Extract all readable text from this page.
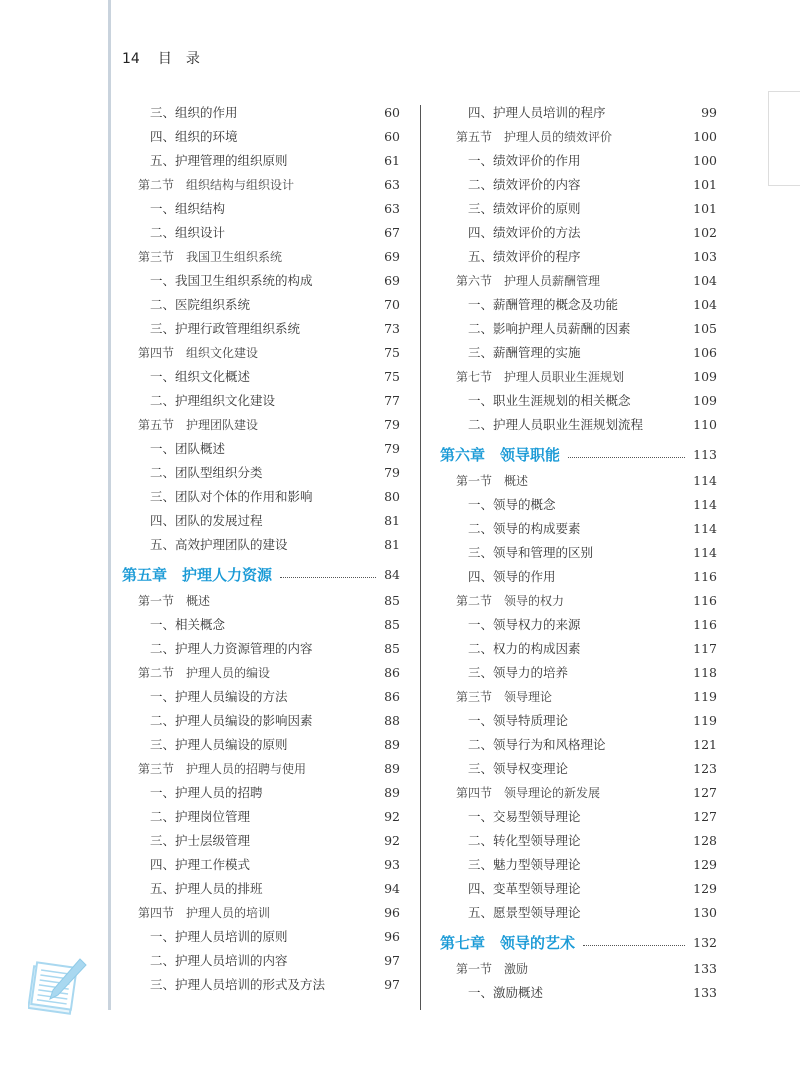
14 目 录
三、组织的作用	60
四、组织的环境	60
五、护理管理的组织原则	61
第二节　组织结构与组织设计	63
一、组织结构	63
二、组织设计	67
第三节　我国卫生组织系统	69
一、我国卫生组织系统的构成	69
二、医院组织系统	70
三、护理行政管理组织系统	73
第四节　组织文化建设	75
一、组织文化概述	75
二、护理组织文化建设	77
第五节　护理团队建设	79
一、团队概述	79
二、团队型组织分类	79
三、团队对个体的作用和影响	80
四、团队的发展过程	81
五、高效护理团队的建设	81
第五章　护理人力资源	84
第一节　概述	85
一、相关概念	85
二、护理人力资源管理的内容	85
第二节　护理人员的编设	86
一、护理人员编设的方法	86
二、护理人员编设的影响因素	88
三、护理人员编设的原则	89
第三节　护理人员的招聘与使用	89
一、护理人员的招聘	89
二、护理岗位管理	92
三、护士层级管理	92
四、护理工作模式	93
五、护理人员的排班	94
第四节　护理人员的培训	96
一、护理人员培训的原则	96
二、护理人员培训的内容	97
三、护理人员培训的形式及方法	97
四、护理人员培训的程序	99
第五节　护理人员的绩效评价	100
一、绩效评价的作用	100
二、绩效评价的内容	101
三、绩效评价的原则	101
四、绩效评价的方法	102
五、绩效评价的程序	103
第六节　护理人员薪酬管理	104
一、薪酬管理的概念及功能	104
二、影响护理人员薪酬的因素	105
三、薪酬管理的实施	106
第七节　护理人员职业生涯规划	109
一、职业生涯规划的相关概念	109
二、护理人员职业生涯规划流程	110
第六章　领导职能	113
第一节　概述	114
一、领导的概念	114
二、领导的构成要素	114
三、领导和管理的区别	114
四、领导的作用	116
第二节　领导的权力	116
一、领导权力的来源	116
二、权力的构成因素	117
三、领导力的培养	118
第三节　领导理论	119
一、领导特质理论	119
二、领导行为和风格理论	121
三、领导权变理论	123
第四节　领导理论的新发展	127
一、交易型领导理论	127
二、转化型领导理论	128
三、魅力型领导理论	129
四、变革型领导理论	129
五、愿景型领导理论	130
第七章　领导的艺术	132
第一节　激励	133
一、激励概述	133
